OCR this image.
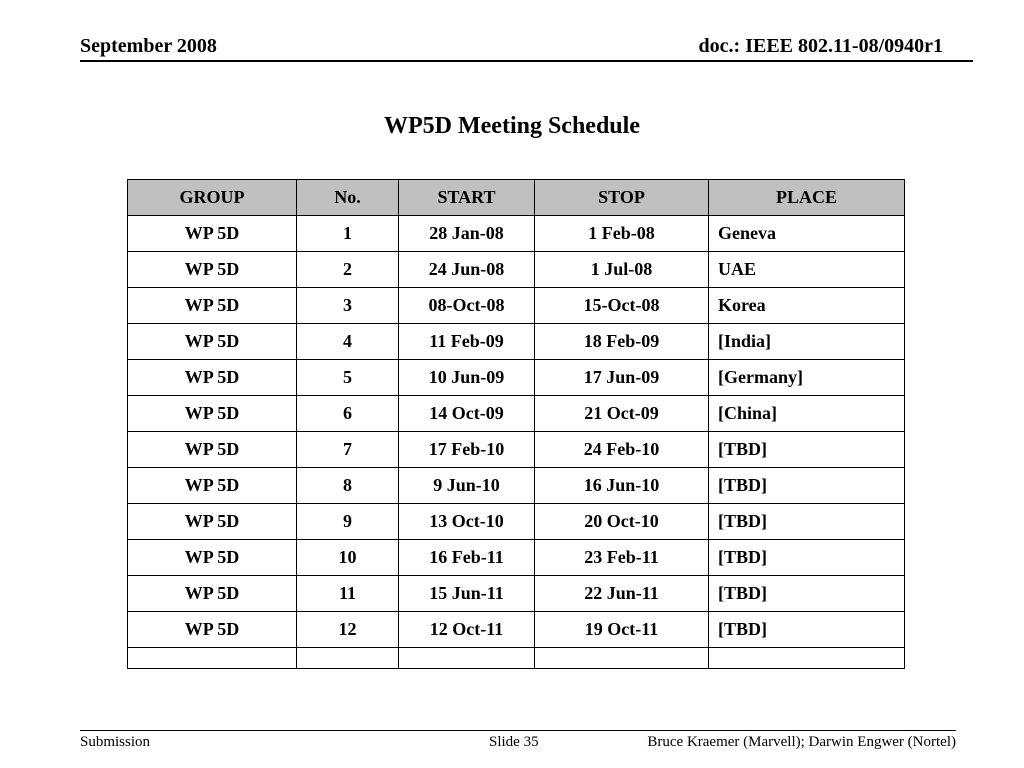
September 2008	doc.: IEEE 802.11-08/0940r1
WP5D Meeting Schedule
GROUP	No.	START	STOP	PLACE
WP 5D	1	28 Jan-08	1 Feb-08	Geneva
WP 5D	2	24 Jun-08	1 Jul-08	UAE
WP 5D	3	08-Oct-08	15-Oct-08	Korea
WP 5D	4	11 Feb-09	18 Feb-09	[India]
WP 5D	5	10 Jun-09	17 Jun-09	[Germany]
WP 5D	6	14 Oct-09	21 Oct-09	[China]
WP 5D	7	17 Feb-10	24 Feb-10	[TBD]
WP 5D	8	9 Jun-10	16 Jun-10	[TBD]
WP 5D	9	13 Oct-10	20 Oct-10	[TBD]
WP 5D	10	16 Feb-11	23 Feb-11	[TBD]
WP 5D	11	15 Jun-11	22 Jun-11	[TBD]
WP 5D	12	12 Oct-11	19 Oct-11	[TBD]

Submission	Slide 35	Bruce Kraemer (Marvell); Darwin Engwer (Nortel)
